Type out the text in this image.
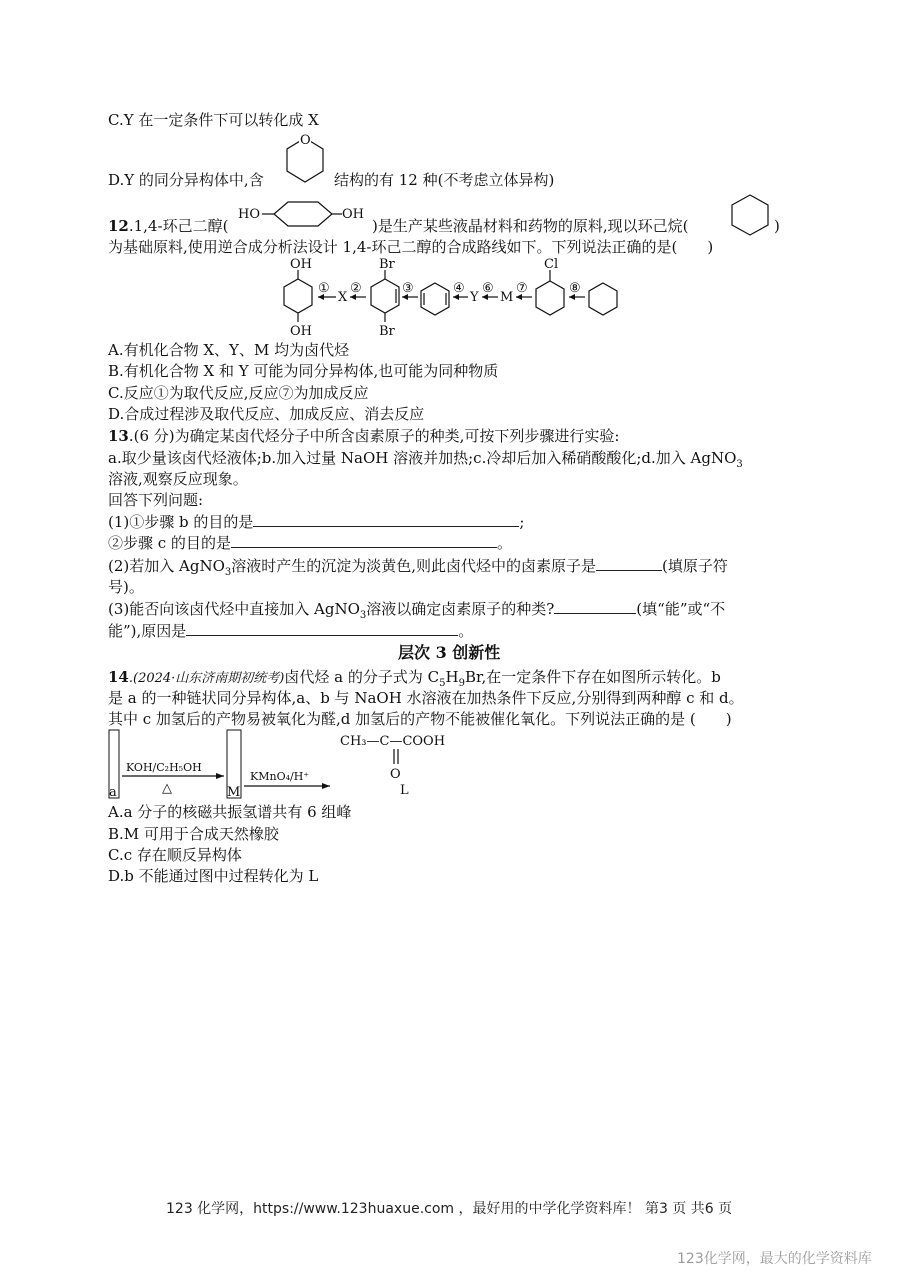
C.Y 在一定条件下可以转化成 X
O
D.Y 的同分异构体中,含	结构的有 12 种(不考虑立体异构)
12.1,4-环己二醇(
HO	OH
)是生产某些液晶材料和药物的原料,现以环己烷(	)
为基础原料,使用逆合成分析法设计 1,4-环己二醇的合成路线如下。下列说法正确的是(　　)
OH
OH
①
X
②
Br
Br
③	④
Y
⑥
M
⑦
Cl
⑧
A.有机化合物 X、Y、M 均为卤代烃
B.有机化合物 X 和 Y 可能为同分异构体,也可能为同种物质
C.反应①为取代反应,反应⑦为加成反应
D.合成过程涉及取代反应、加成反应、消去反应
13.(6 分)为确定某卤代烃分子中所含卤素原子的种类,可按下列步骤进行实验:
a.取少量该卤代烃液体;b.加入过量 NaOH 溶液并加热;c.冷却后加入稀硝酸酸化;d.加入 AgNO$_3$
溶液,观察反应现象。
回答下列问题:
(1)①步骤 b 的目的是	;
②步骤 c 的目的是	。
(2)若加入 AgNO$_3$溶液时产生的沉淀为淡黄色,则此卤代烃中的卤素原子是	(填原子符
号)。
(3)能否向该卤代烃中直接加入 AgNO$_3$溶液以确定卤素原子的种类?	(填“能”或“不
能”),原因是	。
层次 3 创新性
14.(2024·山东济南期初统考)卤代烃 a 的分子式为 $C_5H_9Br$,在一定条件下存在如图所示转化。b
是 a 的一种链状同分异构体,a、b 与 NaOH 水溶液在加热条件下反应,分别得到两种醇 c 和 d。
其中 c 加氢后的产物易被氧化为醛,d 加氢后的产物不能被催化氧化。下列说法正确的是 (　　)
a
KOH/C₂H₅OH
△	M
KMnO₄/H⁺
CH₃—C—COOH
O
L
A.a 分子的核磁共振氢谱共有 6 组峰
B.M 可用于合成天然橡胶
C.c 存在顺反异构体
D.b 不能通过图中过程转化为 L
123 化学网，https://www.123huaxue.com ，最好用的中学化学资料库！ 第3 页 共6 页
123化学网，最大的化学资料库
